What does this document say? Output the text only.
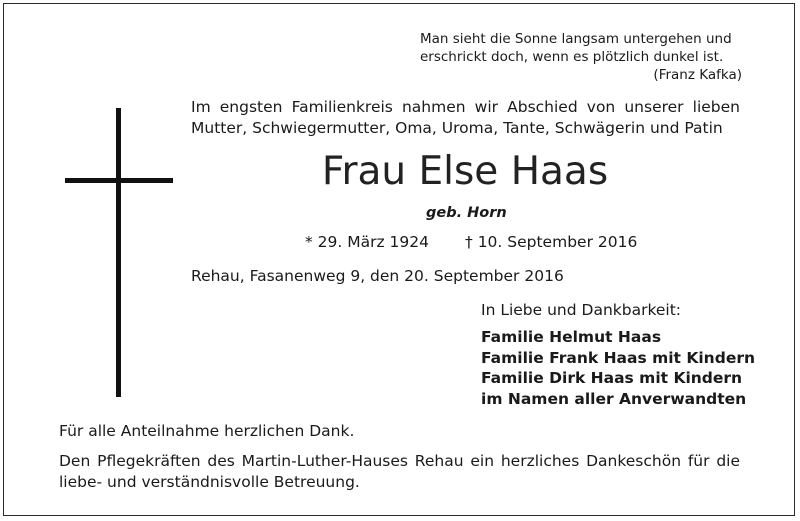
Man sieht die Sonne langsam untergehen und
erschrickt doch, wenn es plötzlich dunkel ist.
(Franz Kafka)
Im engsten Familienkreis nahmen wir Abschied von unserer lieben
Mutter, Schwiegermutter, Oma, Uroma, Tante, Schwägerin und Patin
Frau Else Haas
geb. Horn
* 29. März 1924 † 10. September 2016
Rehau, Fasanenweg 9, den 20. September 2016
In Liebe und Dankbarkeit:
Familie Helmut Haas
Familie Frank Haas mit Kindern
Familie Dirk Haas mit Kindern
im Namen aller Anverwandten
Für alle Anteilnahme herzlichen Dank.
Den Pflegekräften des Martin-Luther-Hauses Rehau ein herzliches Dankeschön für die
liebe- und verständnisvolle Betreuung.
